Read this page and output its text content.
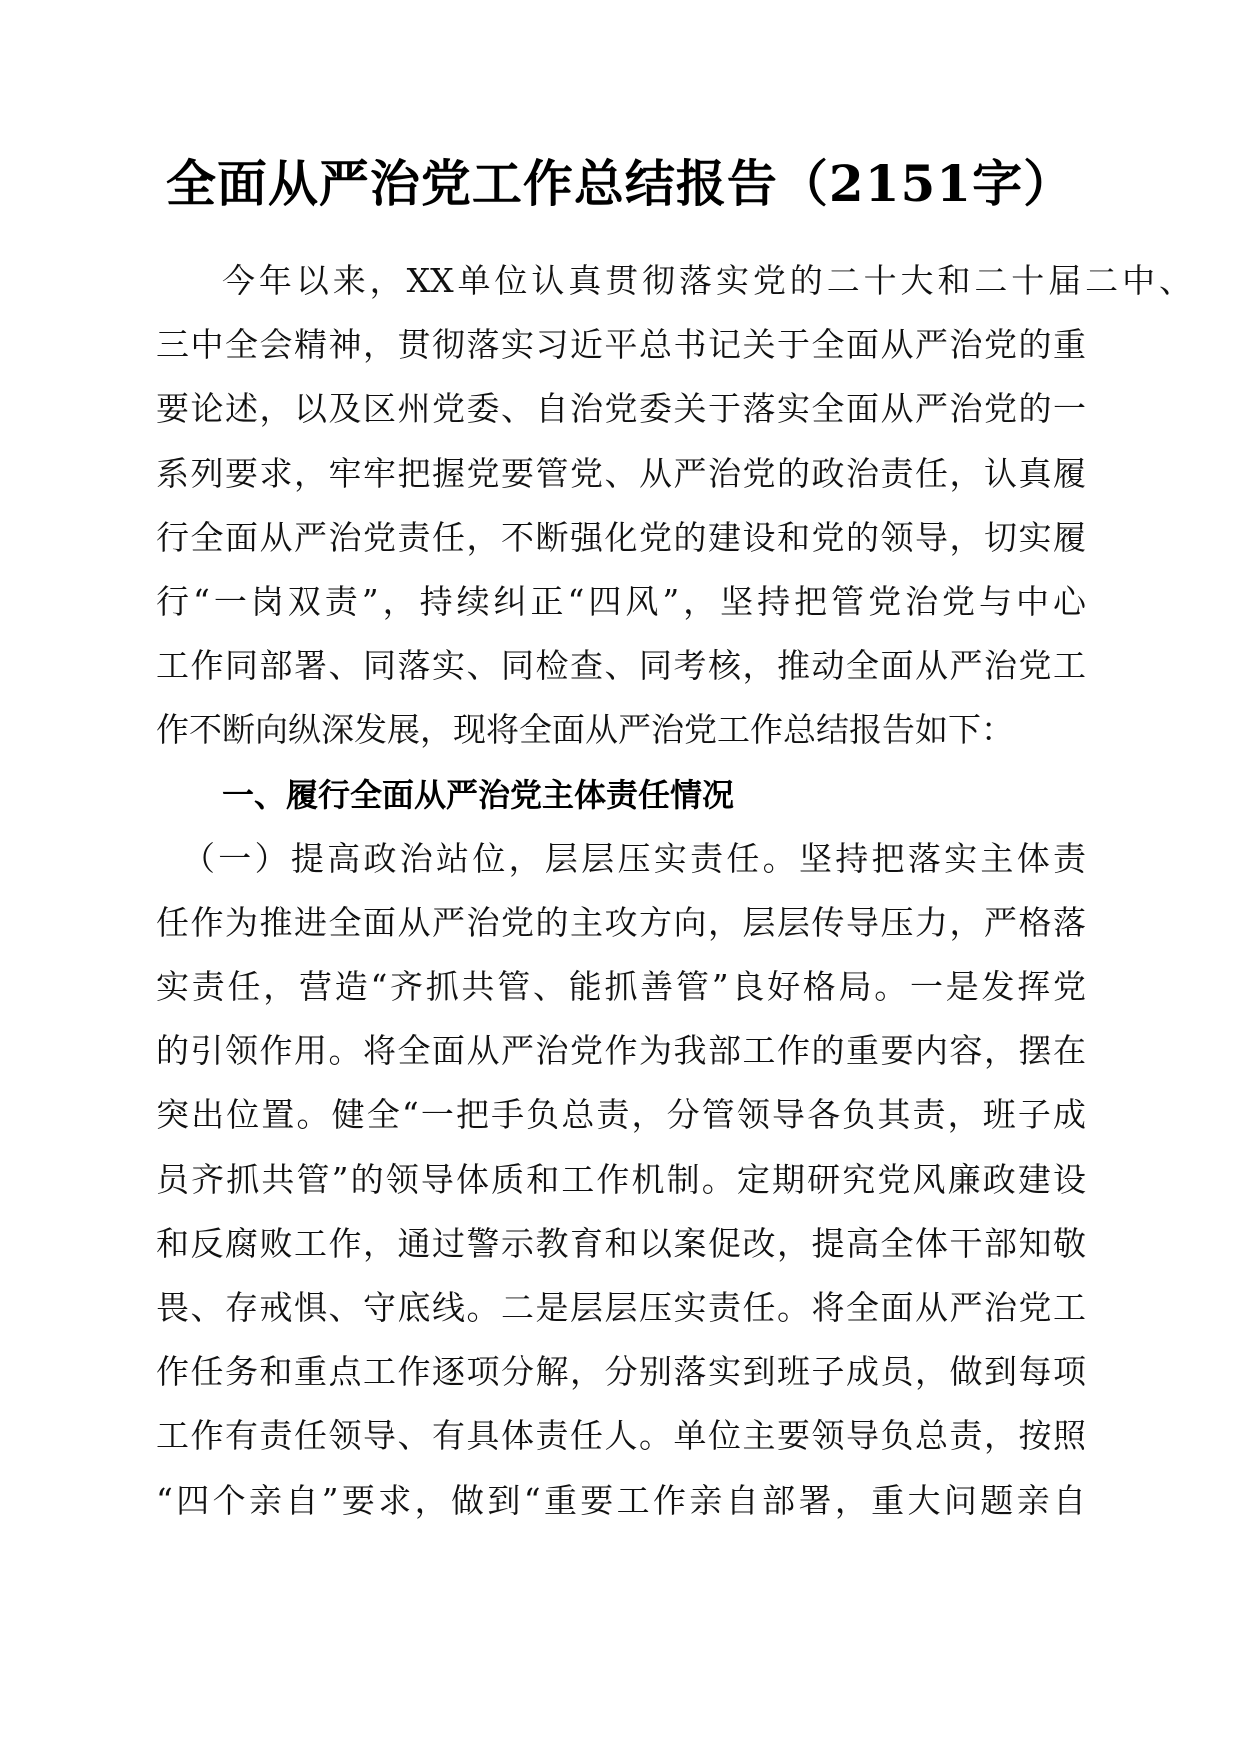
全面从严治党工作总结报告（2151字）
今年以来，XX单位认真贯彻落实党的二十大和二十届二中、
三中全会精神，贯彻落实习近平总书记关于全面从严治党的重
要论述，以及区州党委、自治党委关于落实全面从严治党的一
系列要求，牢牢把握党要管党、从严治党的政治责任，认真履
行全面从严治党责任，不断强化党的建设和党的领导，切实履
行“一岗双责”，持续纠正“四风”，坚持把管党治党与中心
工作同部署、同落实、同检查、同考核，推动全面从严治党工
作不断向纵深发展，现将全面从严治党工作总结报告如下：
一、履行全面从严治党主体责任情况
（一）提高政治站位，层层压实责任。坚持把落实主体责
任作为推进全面从严治党的主攻方向，层层传导压力，严格落
实责任，营造“齐抓共管、能抓善管”良好格局。一是发挥党
的引领作用。将全面从严治党作为我部工作的重要内容，摆在
突出位置。健全“一把手负总责，分管领导各负其责，班子成
员齐抓共管”的领导体质和工作机制。定期研究党风廉政建设
和反腐败工作，通过警示教育和以案促改，提高全体干部知敬
畏、存戒惧、守底线。二是层层压实责任。将全面从严治党工
作任务和重点工作逐项分解，分别落实到班子成员，做到每项
工作有责任领导、有具体责任人。单位主要领导负总责，按照
“四个亲自”要求，做到“重要工作亲自部署，重大问题亲自
